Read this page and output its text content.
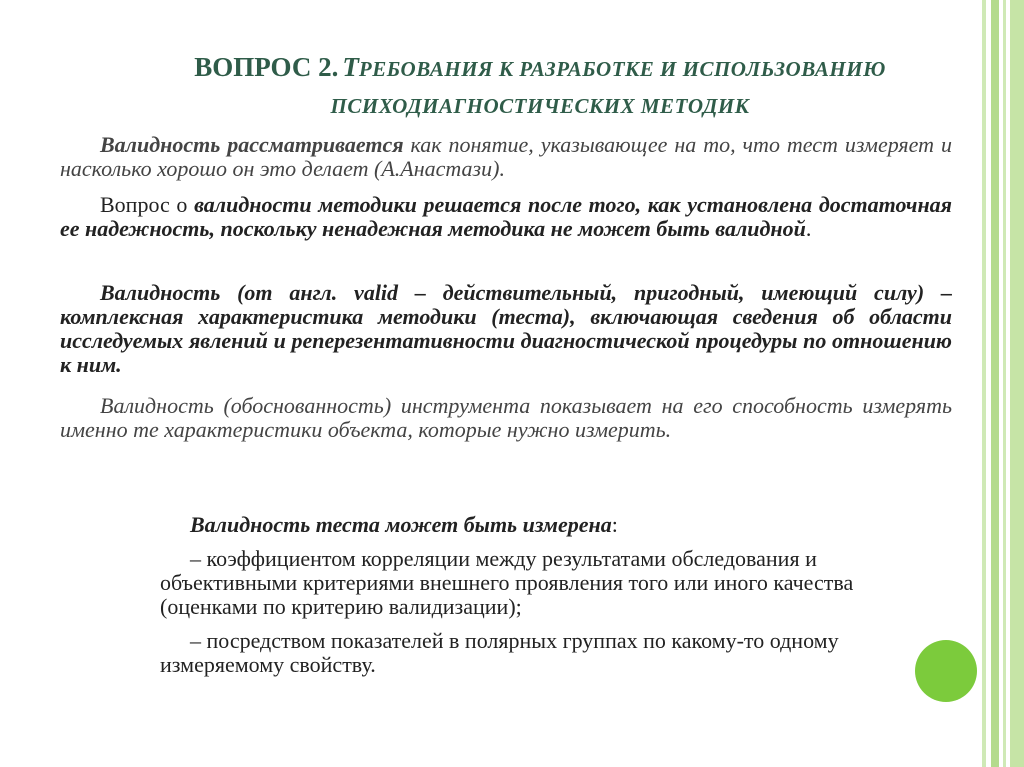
ВОПРОС 2. ТРЕБОВАНИЯ К РАЗРАБОТКЕ И ИСПОЛЬЗОВАНИЮ
ПСИХОДИАГНОСТИЧЕСКИХ МЕТОДИК
Валидность рассматривается как понятие, указывающее на то, что тест измеряет и насколько хорошо он это делает (А.Анастази).
Вопрос о валидности методики решается после того, как установлена достаточная ее надежность, поскольку ненадежная методика не может быть валидной.
Валидность (от англ. valid – действительный, пригодный, имеющий силу) – комплексная характеристика методики (теста), включающая сведения об области исследуемых явлений и реперезентативности диагностической процедуры по отношению к ним.
Валидность (обоснованность) инструмента показывает на его способность измерять именно те характеристики объекта, которые нужно измерить.

Валидность теста может быть измерена:

– коэффициентом корреляции между результатами обследования и объективными критериями внешнего проявления того или иного качества (оценками по критерию валидизации);

– посредством показателей в полярных группах по какому-то одному измеряемому свойству.
